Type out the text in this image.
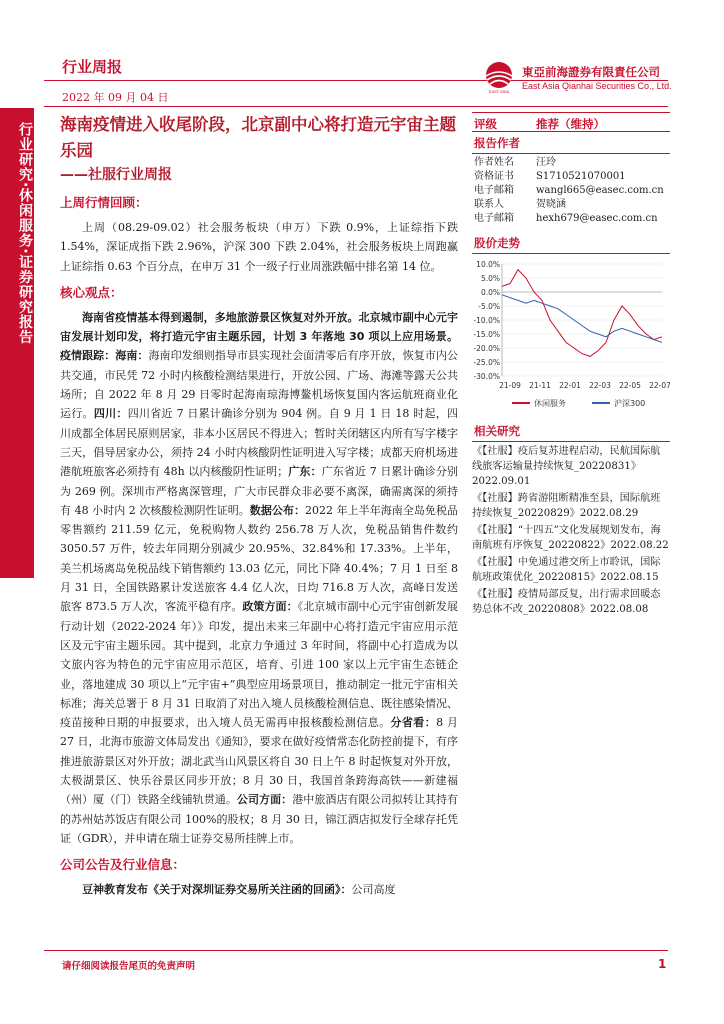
行业周报
2022 年 09 月 04 日	EAST ASIA
東亞前海證券有限責任公司
East Asia Qianhai Securities Co., Ltd.
行业研究·休闲服务·证券研究报告 海南疫情进入收尾阶段，北京副中心将打造元宇宙主题乐园
——社服行业周报
上周行情回顾：

上周（08.29-09.02）社会服务板块（申万）下跌 0.9%，上证综指下跌 1.54%，深证成指下跌 2.96%，沪深 300 下跌 2.04%，社会服务板块上周跑赢上证综指 0.63 个百分点，在申万 31 个一级子行业周涨跌幅中排名第 14 位。

核心观点：

海南省疫情基本得到遏制，多地旅游景区恢复对外开放。北京城市副中心元宇宙发展计划印发，将打造元宇宙主题乐园，计划 3 年落地 30 项以上应用场景。疫情跟踪：海南：海南印发细则指导市县实现社会面清零后有序开放，恢复市内公共交通，市民凭 72 小时内核酸检测结果进行，开放公园、广场、海滩等露天公共场所；自 2022 年 8 月 29 日零时起海南琼海博鳌机场恢复国内客运航班商业化运行。四川：四川省近 7 日累计确诊分别为 904 例。自 9 月 1 日 18 时起，四川成都全体居民原则居家，非本小区居民不得进入；暂时关闭辖区内所有写字楼字三天，倡导居家办公，须持 24 小时内核酸阴性证明进入写字楼；成都天府机场进港航班旅客必须持有 48h 以内核酸阴性证明；广东：广东省近 7 日累计确诊分别为 269 例。深圳市严格离深管理，广大市民群众非必要不离深，确需离深的须持有 48 小时内 2 次核酸检测阴性证明。数据公布：2022 年上半年海南全岛免税品零售额约 211.59 亿元，免税购物人数约 256.78 万人次，免税品销售件数约 3050.57 万件，较去年同期分别减少 20.95%、32.84%和 17.33%。上半年，美兰机场离岛免税品线下销售额约 13.03 亿元，同比下降 40.4%；7 月 1 日至 8 月 31 日，全国铁路累计发送旅客 4.4 亿人次，日均 716.8 万人次，高峰日发送旅客 873.5 万人次，客流平稳有序。政策方面：《北京城市副中心元宇宙创新发展行动计划（2022-2024 年）》印发，提出未来三年副中心将打造元宇宙应用示范区及元宇宙主题乐园。其中提到，北京力争通过 3 年时间，将副中心打造成为以文旅内容为特色的元宇宙应用示范区，培育、引进 100 家以上元宇宙生态链企业，落地建成 30 项以上“元宇宙+”典型应用场景项目，推动制定一批元宇宙相关标准；海关总署于 8 月 31 日取消了对出入境人员核酸检测信息、既往感染情况、疫苗接种日期的申报要求，出入境人员无需再申报核酸检测信息。分省看：8 月 27 日，北海市旅游文体局发出《通知》，要求在做好疫情常态化防控前提下，有序推进旅游景区对外开放；湖北武当山风景区将自 30 日上午 8 时起恢复对外开放，太极湖景区、快乐谷景区同步开放；8 月 30 日，我国首条跨海高铁——新建福（州）厦（门）铁路全线铺轨贯通。公司方面：港中旅酒店有限公司拟转让其持有的苏州姑苏饭店有限公司 100%的股权；8 月 30 日，锦江酒店拟发行全球存托凭证（GDR），并申请在瑞士证券交易所挂牌上市。

公司公告及行业信息：

豆神教育发布《关于对深圳证券交易所关注函的回函》：公司高度

评级	推荐（维持）
报告作者
作者姓名	汪玲
资格证书	S1710521070001
电子邮箱	wangl665@easec.com.cn
联系人	贺晓涵
电子邮箱	hexh679@easec.com.cn
股价走势
10.0%
5.0%
0.0%
-5.0%
-10.0%
-15.0%
-20.0%
-25.0%
-30.0%
21-09 21-11 22-01 22-03 22-05 22-07
休闲服务	沪深300
相关研究
《【社服】疫后复苏进程启动，民航国际航线旅客运输量持续恢复_20220831》2022.09.01
《【社服】跨省游阻断精准至县，国际航班持续恢复_20220829》2022.08.29
《【社服】“十四五”文化发展规划发布，海南航班有序恢复_20220822》2022.08.22
《【社服】中免通过港交所上市聆讯，国际航班政策优化_20220815》2022.08.15
《【社服】疫情局部反复，出行需求回暖态势总体不改_20220808》2022.08.08
请仔细阅读报告尾页的免责声明	1
